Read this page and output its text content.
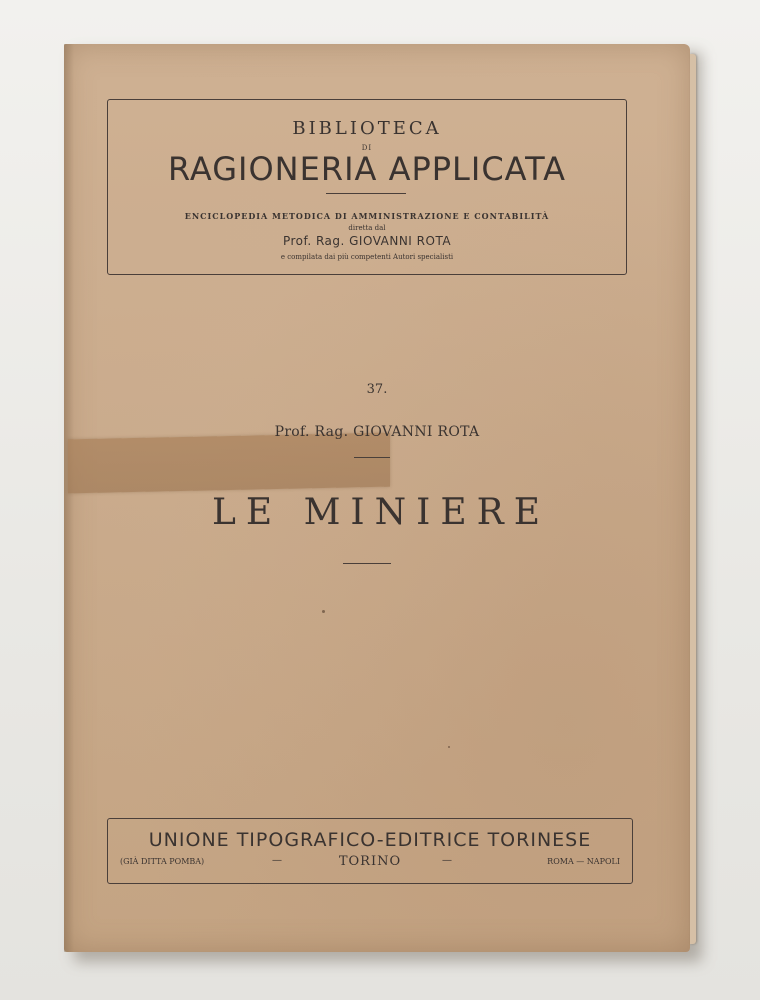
BIBLIOTECA
DI
RAGIONERIA APPLICATA
ENCICLOPEDIA METODICA DI AMMINISTRAZIONE E CONTABILITÀ
diretta dal
Prof. Rag. GIOVANNI ROTA
e compilata dai più competenti Autori specialisti
37.
Prof. Rag. GIOVANNI ROTA
LE MINIERE
UNIONE TIPOGRAFICO-EDITRICE TORINESE
(GIÀ DITTA POMBA)	—	TORINO	—	ROMA — NAPOLI
